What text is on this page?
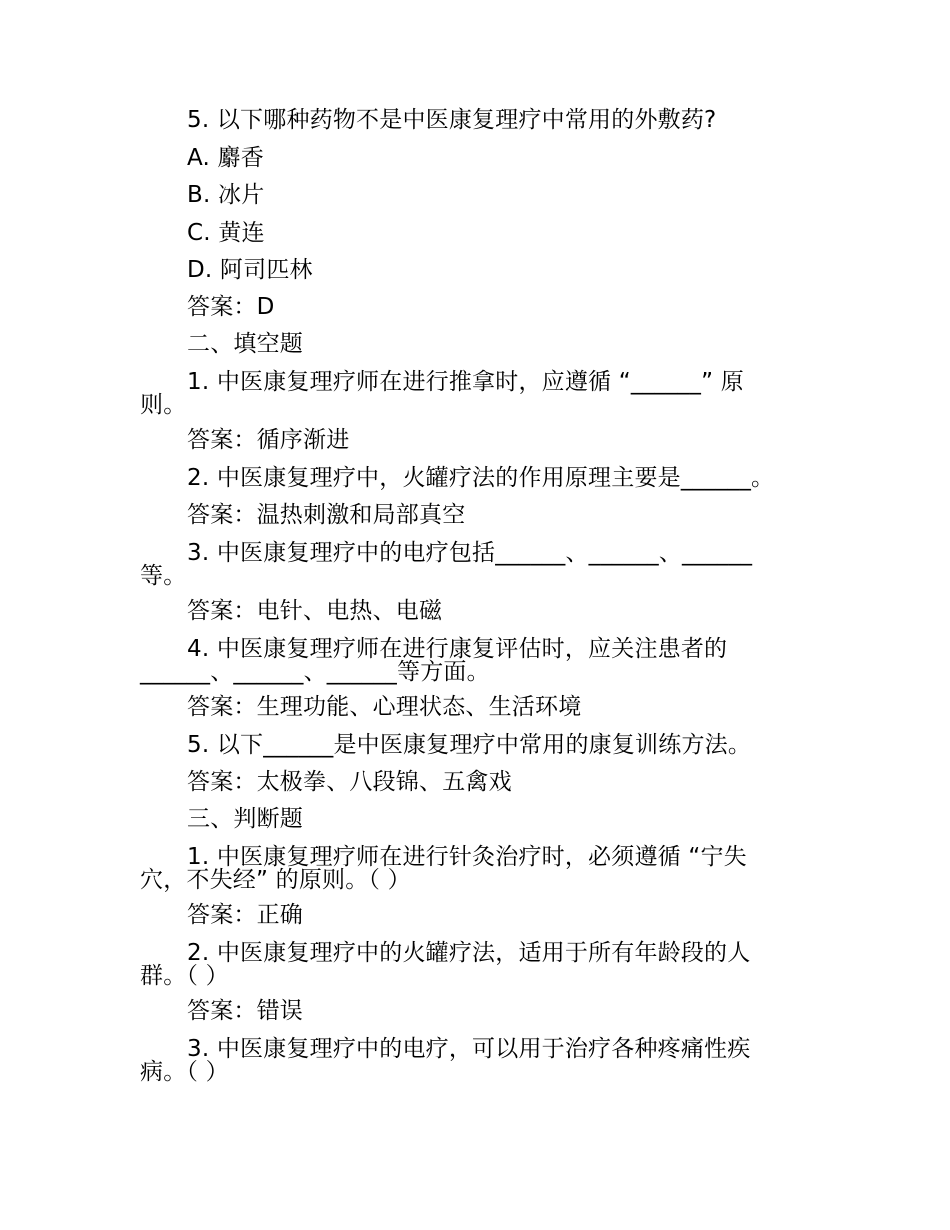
5. 以下哪种药物不是中医康复理疗中常用的外敷药?
A. 麝香
B. 冰片
C. 黄连
D. 阿司匹林
答案：D
二、填空题
1. 中医康复理疗师在进行推拿时，应遵循 “______” 原
则。
答案：循序渐进
2. 中医康复理疗中，火罐疗法的作用原理主要是______。
答案：温热刺激和局部真空
3. 中医康复理疗中的电疗包括______、______、______
等。
答案：电针、电热、电磁
4. 中医康复理疗师在进行康复评估时，应关注患者的
______、______、______等方面。
答案：生理功能、心理状态、生活环境
5. 以下______是中医康复理疗中常用的康复训练方法。
答案：太极拳、八段锦、五禽戏
三、判断题
1. 中医康复理疗师在进行针灸治疗时，必须遵循 “宁失
穴，不失经” 的原则。（ ）
答案：正确
2. 中医康复理疗中的火罐疗法，适用于所有年龄段的人
群。（ ）
答案：错误
3. 中医康复理疗中的电疗，可以用于治疗各种疼痛性疾
病。（ ）
